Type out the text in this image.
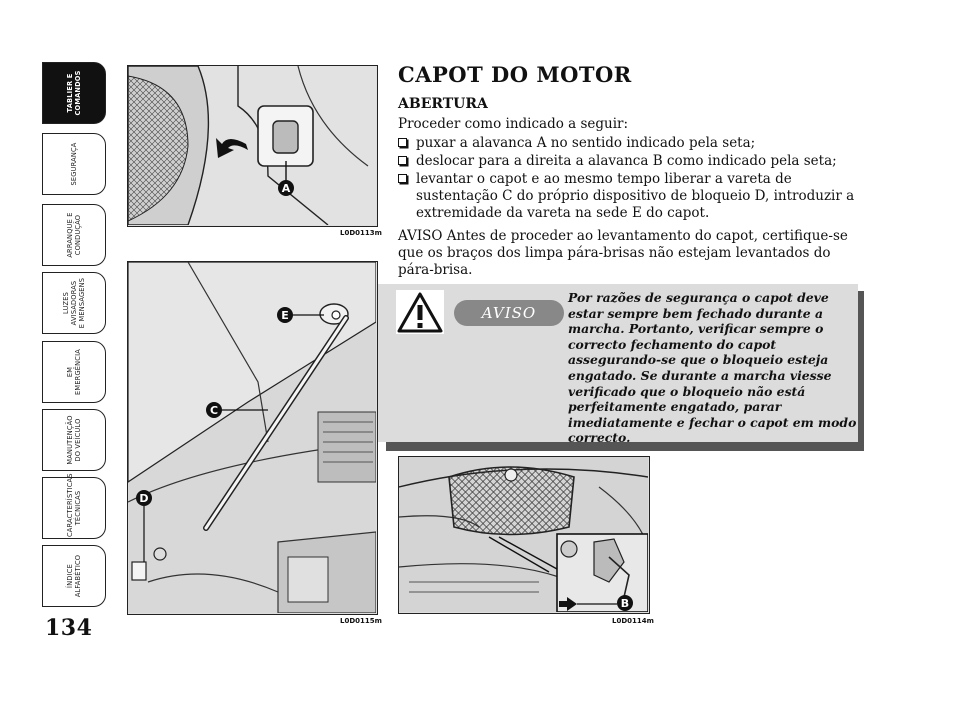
TABLIER E
COMANDOS
SEGURANÇA
ARRANQUE E
CONDUÇÃO
LUZES
AVISADORAS
E MENSAGENS
EM
EMERGÊNCIA
MANUTENÇÃO
DO VEÍCULO
CARACTERÍSTICAS
TÉCNICAS
ÍNDICE
ALFABÉTICO
134
A
L0D0113m
E
C
D
L0D0115m
CAPOT DO MOTOR
ABERTURA

Proceder como indicado a seguir:

puxar a alavanca A no sentido indicado pela seta;
deslocar para a direita a alavanca B como indicado pela seta;
levantar o capot e ao mesmo tempo liberar a vareta de sustentação C do próprio dispositivo de bloqueio D, introduzir a extremidade da vareta na sede E do capot.

AVISO Antes de proceder ao levantamento do capot, certifique-se que os braços dos limpa pára-brisas não estejam levantados do pára-brisa.

AVISO

Por razões de segurança o capot deve estar sempre bem fechado durante a marcha. Portanto, verificar sempre o correcto fechamento do capot assegurando-se que o bloqueio esteja engatado. Se durante a marcha viesse verificado que o bloqueio não está perfeitamente engatado, parar imediatamente e fechar o capot em modo correcto.

B
L0D0114m
